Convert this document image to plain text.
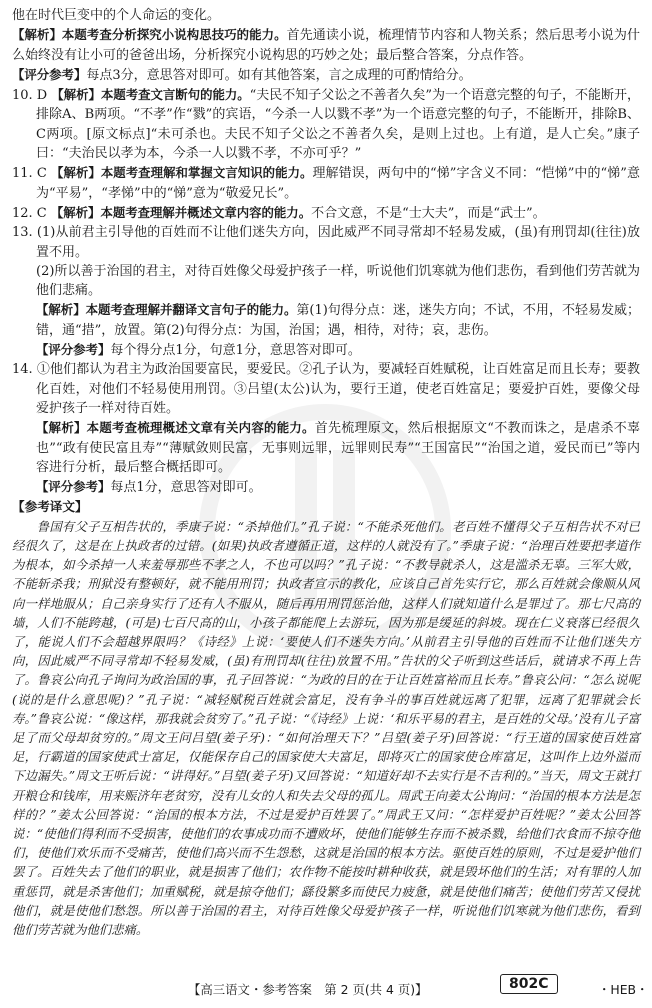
他在时代巨变中的个人命运的变化。

【解析】本题考查分析探究小说构思技巧的能力。首先通读小说，梳理情节内容和人物关系；然后思考小说为什么始终没有让小可的爸爸出场，分析探究小说构思的巧妙之处；最后整合答案，分点作答。

【评分参考】每点3分，意思答对即可。如有其他答案，言之成理的可酌情给分。

10. D 【解析】本题考查文言断句的能力。“夫民不知子父讼之不善者久矣”为一个语意完整的句子，不能断开，排除A、B两项。“不孝”作“戮”的宾语，“今杀一人以戮不孝”为一个语意完整的句子，不能断开，排除B、C两项。[原文标点]“未可杀也。夫民不知子父讼之不善者久矣，是则上过也。上有道，是人亡矣。”康子曰：“夫治民以孝为本，今杀一人以戮不孝，不亦可乎？”

11. C 【解析】本题考查理解和掌握文言知识的能力。理解错误，两句中的“悌”字含义不同：“恺悌”中的“悌”意为“平易”，“孝悌”中的“悌”意为“敬爱兄长”。

12. C 【解析】本题考查理解并概述文章内容的能力。不合文意，不是“士大夫”，而是“武士”。

13. (1)从前君主引导他的百姓而不让他们迷失方向，因此威严不同寻常却不轻易发威，(虽)有刑罚却(往往)放置不用。

(2)所以善于治国的君主，对待百姓像父母爱护孩子一样，听说他们饥寒就为他们悲伤，看到他们劳苦就为他们悲痛。

【解析】本题考查理解并翻译文言句子的能力。第(1)句得分点：迷，迷失方向；不试，不用，不轻易发威；错，通“措”，放置。第(2)句得分点：为国，治国；遇，相待，对待；哀，悲伤。

【评分参考】每个得分点1分，句意1分，意思答对即可。

14. ①他们都认为君主为政治国要富民，要爱民。②孔子认为，要减轻百姓赋税，让百姓富足而且长寿；要教化百姓，对他们不轻易使用刑罚。③吕望(太公)认为，要行王道，使老百姓富足；要爱护百姓，要像父母爱护孩子一样对待百姓。

【解析】本题考查梳理概述文章有关内容的能力。首先梳理原文，然后根据原文“不教而诛之，是虐杀不辜也”“政有使民富且寿”“薄赋敛则民富，无事则远罪，远罪则民寿”“王国富民”“治国之道，爱民而已”等内容进行分析，最后整合概括即可。

【评分参考】每点1分，意思答对即可。

【参考译文】

鲁国有父子互相告状的，季康子说：“杀掉他们。”孔子说：“不能杀死他们。老百姓不懂得父子互相告状不对已经很久了，这是在上执政者的过错。(如果)执政者遵循正道，这样的人就没有了。”季康子说：“治理百姓要把孝道作为根本，如今杀掉一人来羞辱那些不孝之人，不也可以吗？”孔子说：“不教导就杀人，这是滥杀无辜。三军大败，不能斩杀我；刑狱没有整顿好，就不能用刑罚；执政者宣示的教化，应该自己首先实行它，那么百姓就会像顺从风向一样地服从；自己亲身实行了还有人不服从，随后再用刑罚惩治他，这样人们就知道什么是罪过了。那七尺高的墙，人们不能跨越，(可是)七百尺高的山，小孩子都能爬上去游玩，因为那是缓延的斜坡。现在仁义衰落已经很久了，能说人们不会超越界限吗？《诗经》上说：‘要使人们不迷失方向。’从前君主引导他的百姓而不让他们迷失方向，因此威严不同寻常却不轻易发威，(虽)有刑罚却(往往)放置不用。”告状的父子听到这些话后，就请求不再上告了。鲁哀公向孔子询问为政治国的事，孔子回答说：“为政的目的在于让百姓富裕而且长寿。”鲁哀公问：“怎么说呢(说的是什么意思呢)？”孔子说：“减轻赋税百姓就会富足，没有争斗的事百姓就远离了犯罪，远离了犯罪就会长寿。”鲁哀公说：“像这样，那我就会贫穷了。”孔子说：“《诗经》上说：‘和乐平易的君主，是百姓的父母。’没有儿子富足了而父母却贫穷的。”周文王问吕望(姜子牙)：“如何治理天下？”吕望(姜子牙)回答说：“行王道的国家使百姓富足，行霸道的国家使武士富足，仅能保存自己的国家使大夫富足，即将灭亡的国家使仓库富足，这叫作上边外溢而下边漏失。”周文王听后说：“讲得好。”吕望(姜子牙)又回答说：“知道好却不去实行是不吉利的。”当天，周文王就打开粮仓和钱库，用来赈济年老贫穷，没有儿女的人和失去父母的孤儿。周武王向姜太公询问：“治国的根本方法是怎样的？”姜太公回答说：“治国的根本方法，不过是爱护百姓罢了。”周武王又问：“怎样爱护百姓呢？”姜太公回答说：“使他们得利而不受损害，使他们的农事成功而不遭败坏，使他们能够生存而不被杀戮，给他们衣食而不掠夺他们，使他们欢乐而不受痛苦，使他们高兴而不生怨愁，这就是治国的根本方法。驱使百姓的原则，不过是爱护他们罢了。百姓失去了他们的职业，就是损害了他们；农作物不能按时耕种收获，就是毁坏他们的生活；对有罪的人加重惩罚，就是杀害他们；加重赋税，就是掠夺他们；繇役繁多而使民力疲惫，就是使他们痛苦；使他们劳苦又侵扰他们，就是使他们愁怨。所以善于治国的君主，对待百姓像父母爱护孩子一样，听说他们饥寒就为他们悲伤，看到他们劳苦就为他们悲痛。

【高三语文・参考答案　第 2 页(共 4 页)】	802C	・HEB・
